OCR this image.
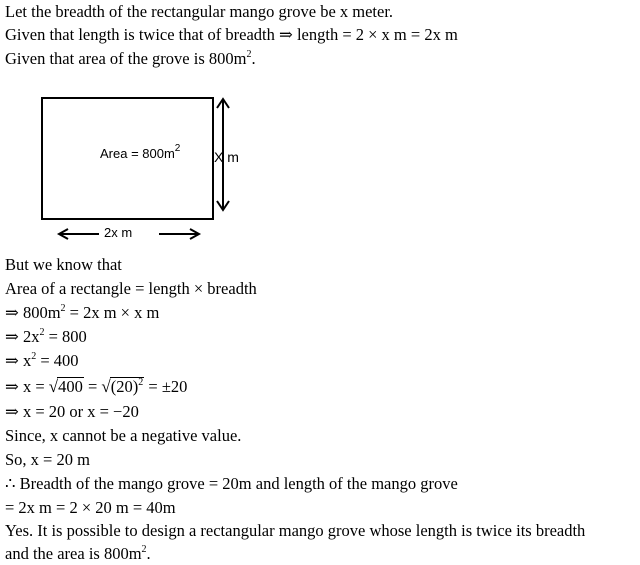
Let the breadth of the rectangular mango grove be x meter.
Given that length is twice that of breadth ⇒ length = 2 × x m = 2x m
Given that area of the grove is $800m^2$.
Area = $800m^2$
X m
2x m
But we know that
Area of a rectangle = length × breadth
⇒ $800m^2 = 2x$ m × x m
⇒ $2x^2 = 800$
⇒ $x^2 = 400$
⇒ $x = √400 = √(20)^2 = \pm 20$
⇒ x = 20 or x = −20
Since, x cannot be a negative value.
So, x = 20 m
∴ Breadth of the mango grove = 20m and length of the mango grove
= 2x m = 2 × 20 m = 40m
Yes. It is possible to design a rectangular mango grove whose length is twice its breadth
and the area is $800m^2$.
